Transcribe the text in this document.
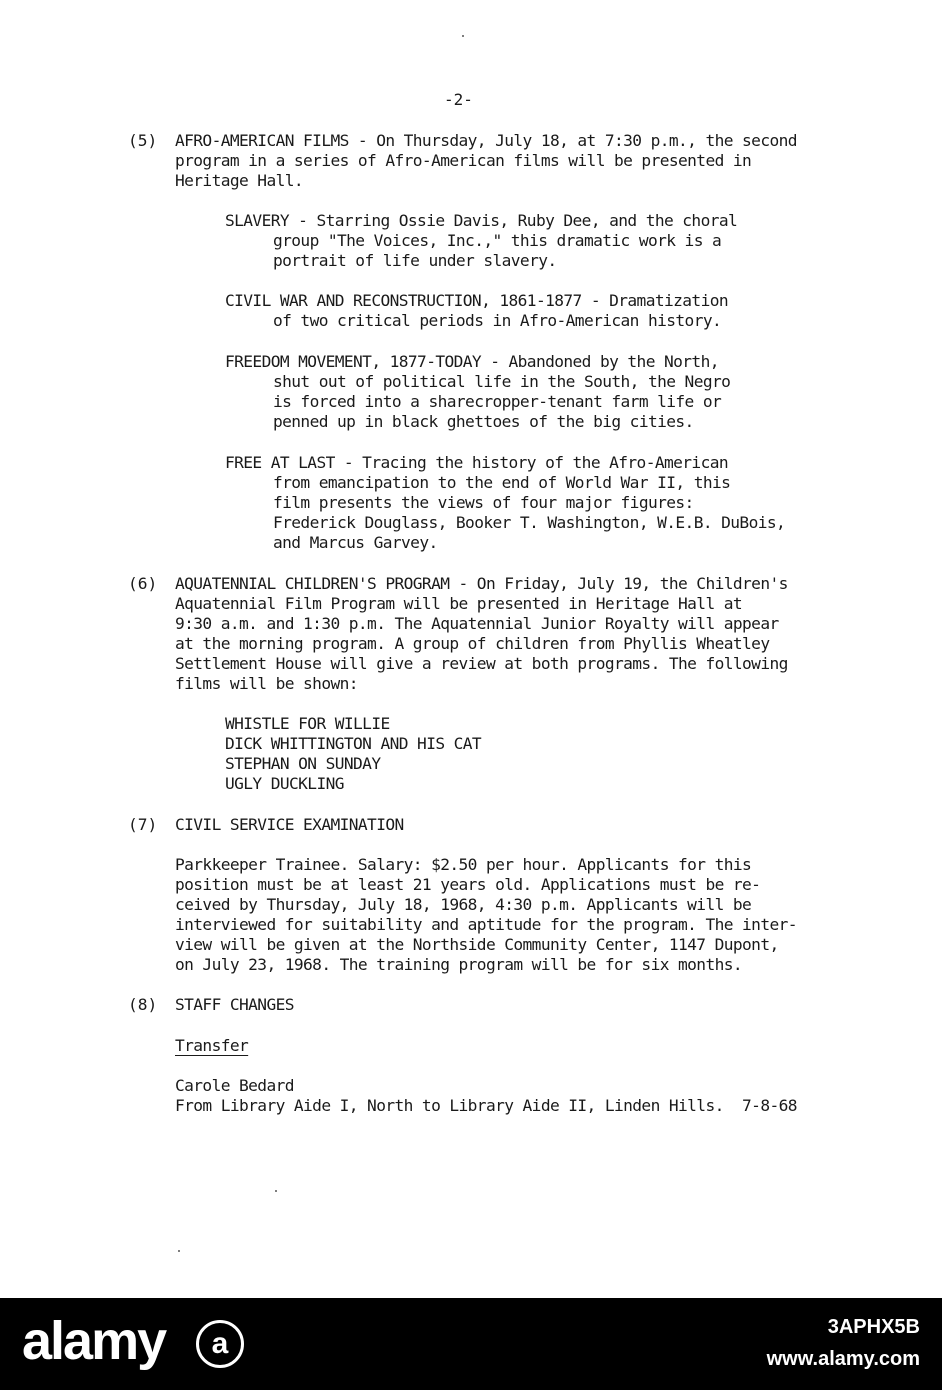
-2-
(5) AFRO-AMERICAN FILMS - On Thursday, July 18, at 7:30 p.m., the second
program in a series of Afro-American films will be presented in
Heritage Hall.
SLAVERY - Starring Ossie Davis, Ruby Dee, and the choral
group "The Voices, Inc.," this dramatic work is a
portrait of life under slavery.
CIVIL WAR AND RECONSTRUCTION, 1861-1877 - Dramatization
of two critical periods in Afro-American history.
FREEDOM MOVEMENT, 1877-TODAY - Abandoned by the North,
shut out of political life in the South, the Negro
is forced into a sharecropper-tenant farm life or
penned up in black ghettoes of the big cities.
FREE AT LAST - Tracing the history of the Afro-American
from emancipation to the end of World War II, this
film presents the views of four major figures:
Frederick Douglass, Booker T. Washington, W.E.B. DuBois,
and Marcus Garvey.
(6) AQUATENNIAL CHILDREN'S PROGRAM - On Friday, July 19, the Children's
Aquatennial Film Program will be presented in Heritage Hall at
9:30 a.m. and 1:30 p.m. The Aquatennial Junior Royalty will appear
at the morning program. A group of children from Phyllis Wheatley
Settlement House will give a review at both programs. The following
films will be shown:
WHISTLE FOR WILLIE
DICK WHITTINGTON AND HIS CAT
STEPHAN ON SUNDAY
UGLY DUCKLING
(7) CIVIL SERVICE EXAMINATION
Parkkeeper Trainee. Salary: $2.50 per hour. Applicants for this
position must be at least 21 years old. Applications must be re-
ceived by Thursday, July 18, 1968, 4:30 p.m. Applicants will be
interviewed for suitability and aptitude for the program. The inter-
view will be given at the Northside Community Center, 1147 Dupont,
on July 23, 1968. The training program will be for six months.
(8) STAFF CHANGES
Transfer
Carole Bedard
From Library Aide I, North to Library Aide II, Linden Hills.  7-8-68
alamy	a	3APHX5B
www.alamy.com
